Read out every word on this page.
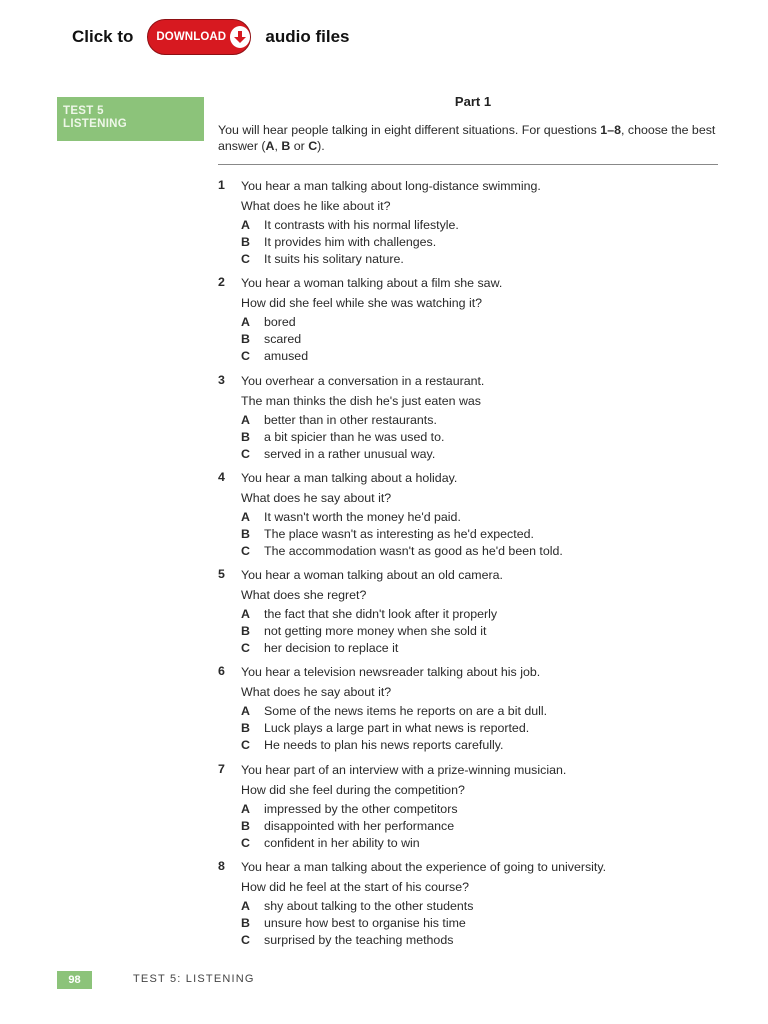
Click to DOWNLOAD audio files
TEST 5
LISTENING
Part 1
You will hear people talking in eight different situations. For questions 1–8, choose the best answer (A, B or C).
1 You hear a man talking about long-distance swimming.
What does he like about it?
A	It contrasts with his normal lifestyle.
B	It provides him with challenges.
C	It suits his solitary nature.
2 You hear a woman talking about a film she saw.
How did she feel while she was watching it?
A	bored
B	scared
C	amused
3 You overhear a conversation in a restaurant.
The man thinks the dish he's just eaten was
A	better than in other restaurants.
B	a bit spicier than he was used to.
C	served in a rather unusual way.
4 You hear a man talking about a holiday.
What does he say about it?
A	It wasn't worth the money he'd paid.
B	The place wasn't as interesting as he'd expected.
C	The accommodation wasn't as good as he'd been told.
5 You hear a woman talking about an old camera.
What does she regret?
A	the fact that she didn't look after it properly
B	not getting more money when she sold it
C	her decision to replace it
6 You hear a television newsreader talking about his job.
What does he say about it?
A	Some of the news items he reports on are a bit dull.
B	Luck plays a large part in what news is reported.
C	He needs to plan his news reports carefully.
7 You hear part of an interview with a prize-winning musician.
How did she feel during the competition?
A	impressed by the other competitors
B	disappointed with her performance
C	confident in her ability to win
8 You hear a man talking about the experience of going to university.
How did he feel at the start of his course?
A	shy about talking to the other students
B	unsure how best to organise his time
C	surprised by the teaching methods
98	TEST 5: LISTENING
